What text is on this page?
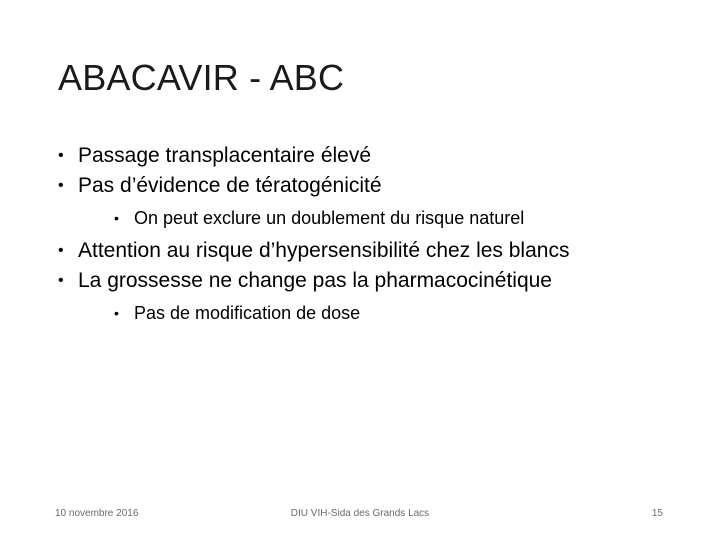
ABACAVIR - ABC
• Passage transplacentaire élevé
• Pas d’évidence de tératogénicité
• On peut exclure un doublement du risque naturel
• Attention au risque d’hypersensibilité chez les blancs
• La grossesse ne change pas la pharmacocinétique
• Pas de modification de dose
10 novembre 2016	DIU VIH-Sida des Grands Lacs	15
